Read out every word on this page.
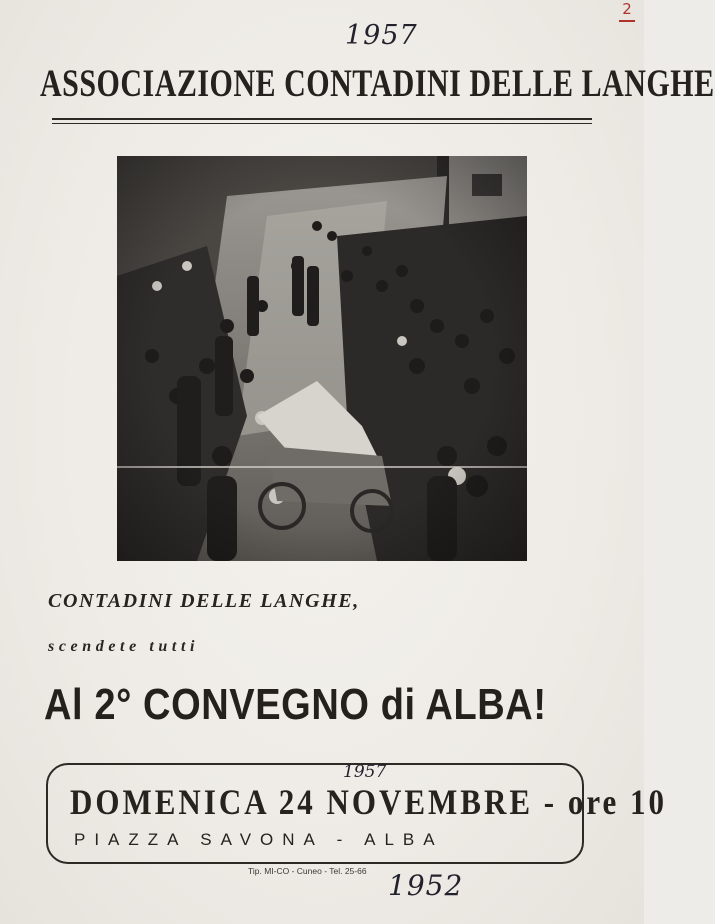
1957
2
ASSOCIAZIONE CONTADINI DELLE LANGHE
CONTADINI DELLE LANGHE,
scendete tutti
Al 2° CONVEGNO di ALBA!
1957
DOMENICA 24 NOVEMBRE - ore 10
PIAZZA SAVONA - ALBA
Tip. MI-CO - Cuneo - Tel. 25-66 1952
